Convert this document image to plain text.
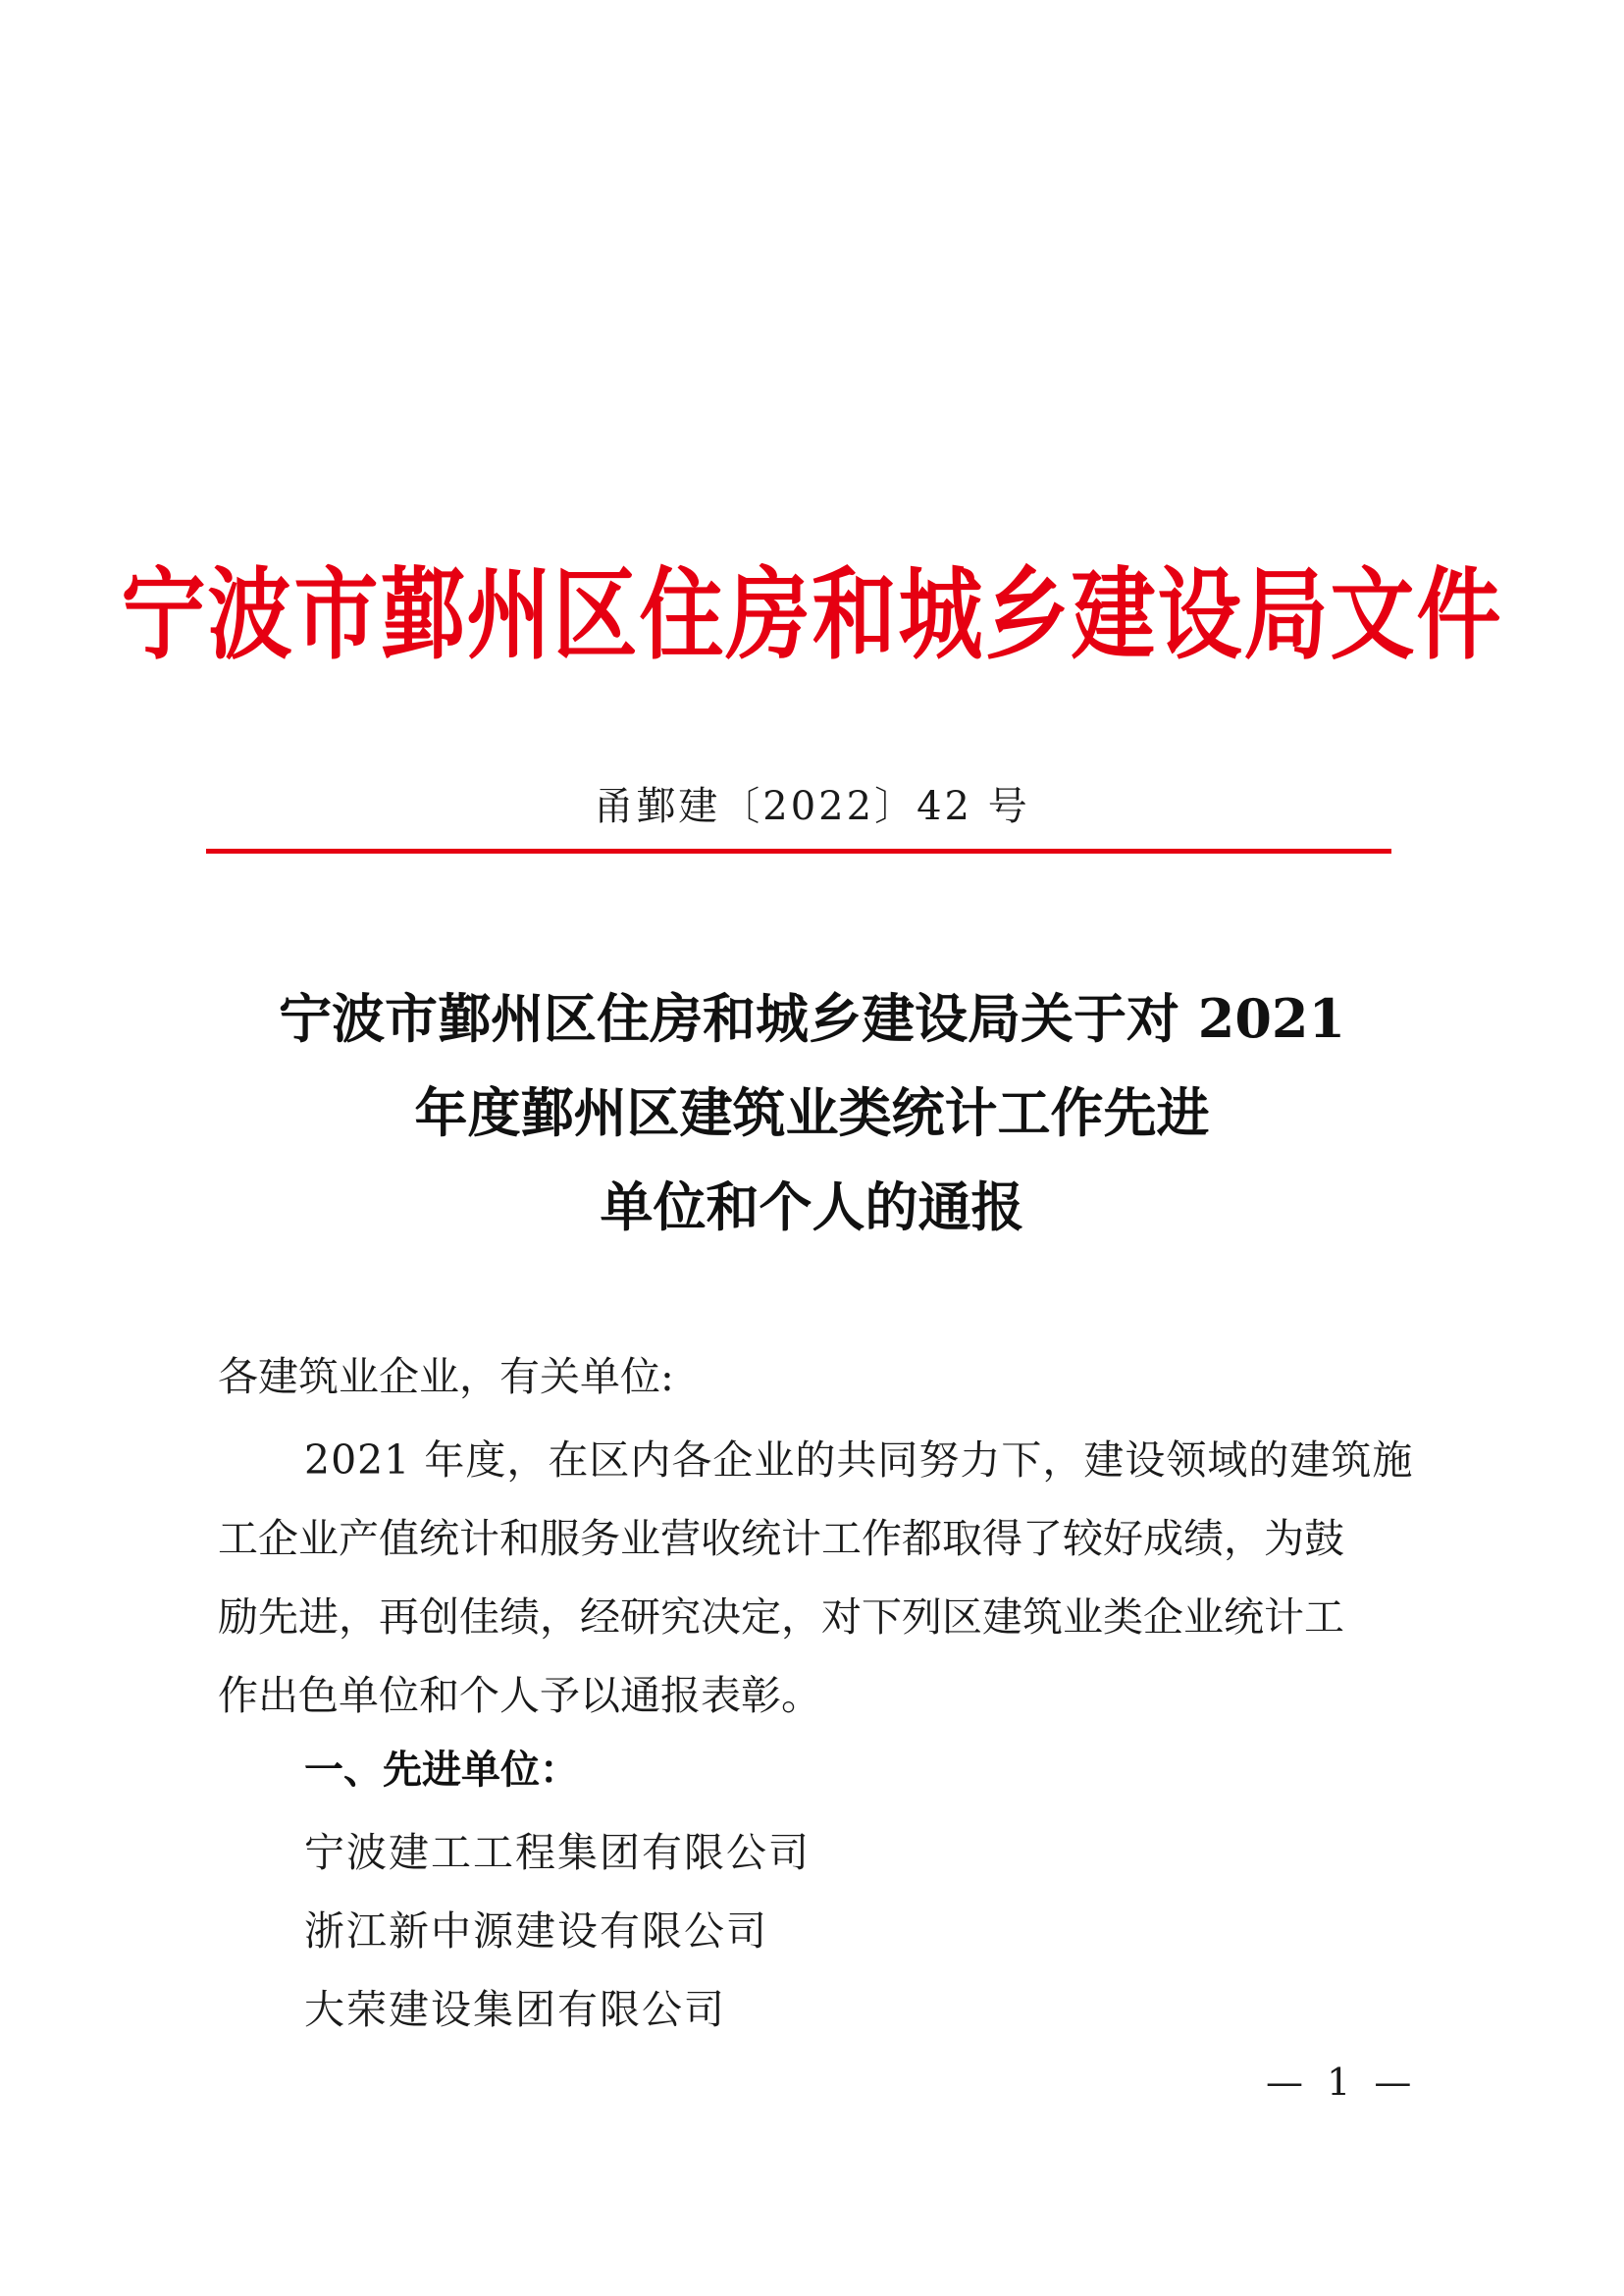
宁波市鄞州区住房和城乡建设局文件
甬鄞建〔2022〕42 号
宁波市鄞州区住房和城乡建设局关于对 2021
年度鄞州区建筑业类统计工作先进
单位和个人的通报
各建筑业企业，有关单位:
2021 年度，在区内各企业的共同努力下，建设领域的建筑施
工企业产值统计和服务业营收统计工作都取得了较好成绩，为鼓
励先进，再创佳绩，经研究决定，对下列区建筑业类企业统计工
作出色单位和个人予以通报表彰。
一、先进单位：
宁波建工工程集团有限公司
浙江新中源建设有限公司
大荣建设集团有限公司
— 1 —
